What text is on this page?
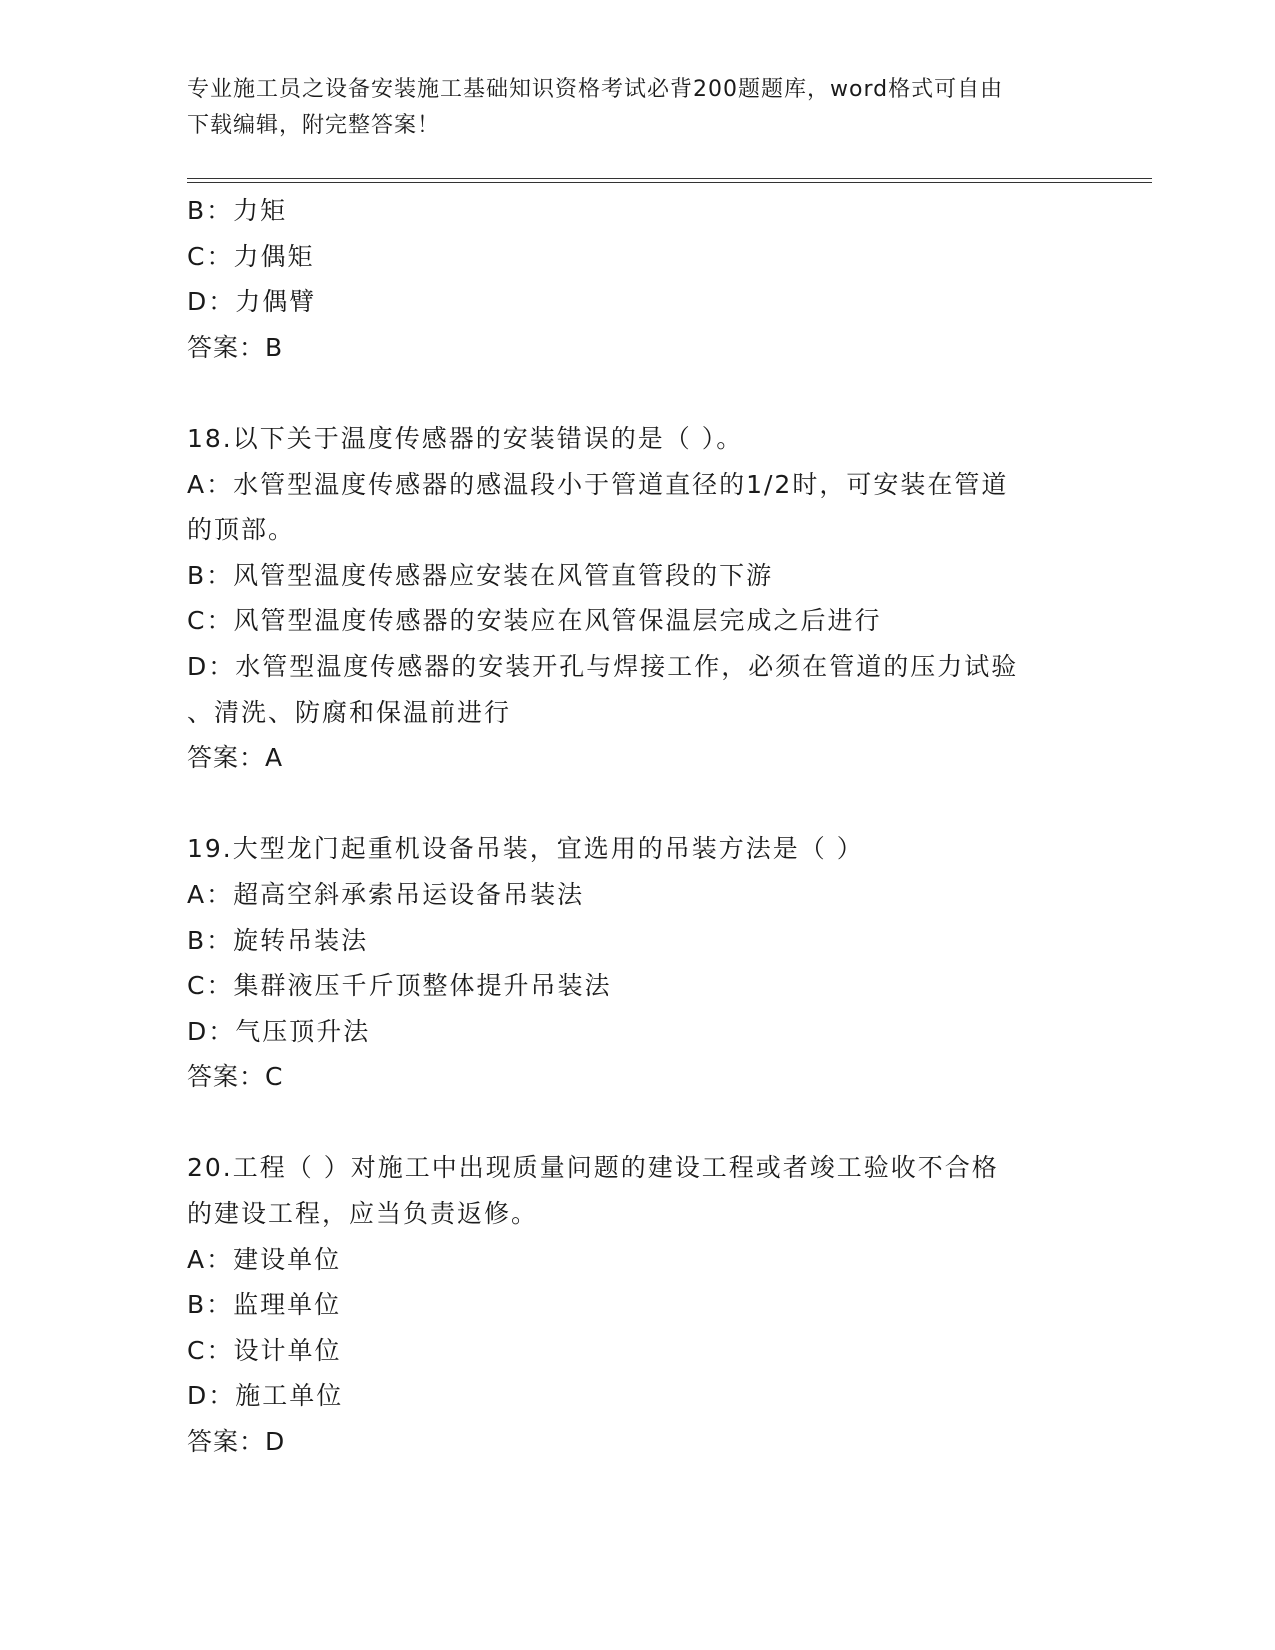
专业施工员之设备安装施工基础知识资格考试必背200题题库，word格式可自由
下载编辑，附完整答案！
B：力矩
C：力偶矩
D：力偶臂
答案：B
18.以下关于温度传感器的安装错误的是（ ）。
A：水管型温度传感器的感温段小于管道直径的1/2时，可安装在管道
的顶部。
B：风管型温度传感器应安装在风管直管段的下游
C：风管型温度传感器的安装应在风管保温层完成之后进行
D：水管型温度传感器的安装开孔与焊接工作，必须在管道的压力试验
、清洗、防腐和保温前进行
答案：A
19.大型龙门起重机设备吊装，宜选用的吊装方法是（ ）
A：超高空斜承索吊运设备吊装法
B：旋转吊装法
C：集群液压千斤顶整体提升吊装法
D：气压顶升法
答案：C
20.工程（ ）对施工中出现质量问题的建设工程或者竣工验收不合格
的建设工程，应当负责返修。
A：建设单位
B：监理单位
C：设计单位
D：施工单位
答案：D
